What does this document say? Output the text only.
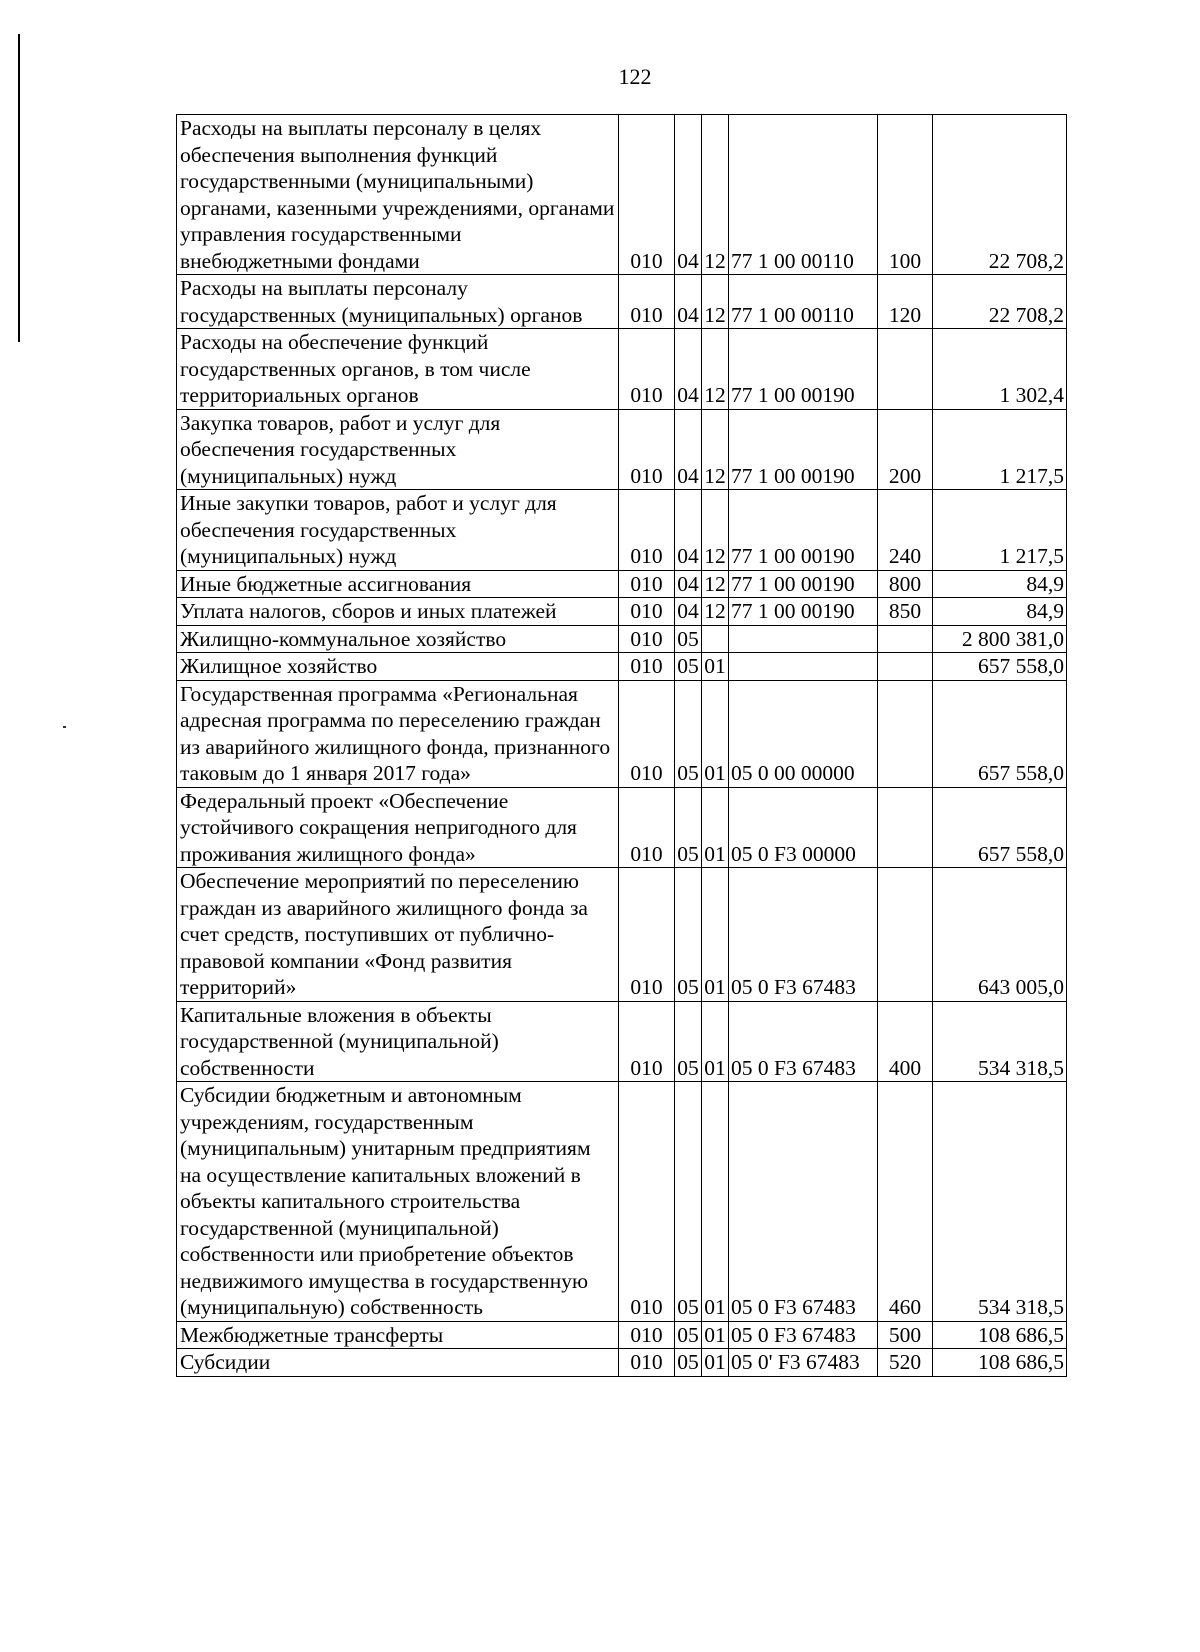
122
Расходы на выплаты персоналу в целях обеспечения выполнения функций государственными (муниципальными) органами, казенными учреждениями, органами управления государственными внебюджетными фондами	010	04	12	77 1 00 00110	100	22 708,2
Расходы на выплаты персоналу государственных (муниципальных) органов	010	04	12	77 1 00 00110	120	22 708,2
Расходы на обеспечение функций государственных органов, в том числе территориальных органов	010	04	12	77 1 00 00190		1 302,4
Закупка товаров, работ и услуг для обеспечения государственных (муниципальных) нужд	010	04	12	77 1 00 00190	200	1 217,5
Иные закупки товаров, работ и услуг для обеспечения государственных (муниципальных) нужд	010	04	12	77 1 00 00190	240	1 217,5
Иные бюджетные ассигнования	010	04	12	77 1 00 00190	800	84,9
Уплата налогов, сборов и иных платежей	010	04	12	77 1 00 00190	850	84,9
Жилищно-коммунальное хозяйство	010	05				2 800 381,0
Жилищное хозяйство	010	05	01			657 558,0
Государственная программа «Региональная адресная программа по переселению граждан из аварийного жилищного фонда, признанного таковым до 1 января 2017 года»	010	05	01	05 0 00 00000		657 558,0
Федеральный проект «Обеспечение устойчивого сокращения непригодного для проживания жилищного фонда»	010	05	01	05 0 F3 00000		657 558,0
Обеспечение мероприятий по переселению граждан из аварийного жилищного фонда за счет средств, поступивших от публично-правовой компании «Фонд развития территорий»	010	05	01	05 0 F3 67483		643 005,0
Капитальные вложения в объекты государственной (муниципальной) собственности	010	05	01	05 0 F3 67483	400	534 318,5
Субсидии бюджетным и автономным учреждениям, государственным (муниципальным) унитарным предприятиям на осуществление капитальных вложений в объекты капитального строительства государственной (муниципальной) собственности или приобретение объектов недвижимого имущества в государственную (муниципальную) собственность	010	05	01	05 0 F3 67483	460	534 318,5
Межбюджетные трансферты	010	05	01	05 0 F3 67483	500	108 686,5
Субсидии	010	05	01	05 0' F3 67483	520	108 686,5
